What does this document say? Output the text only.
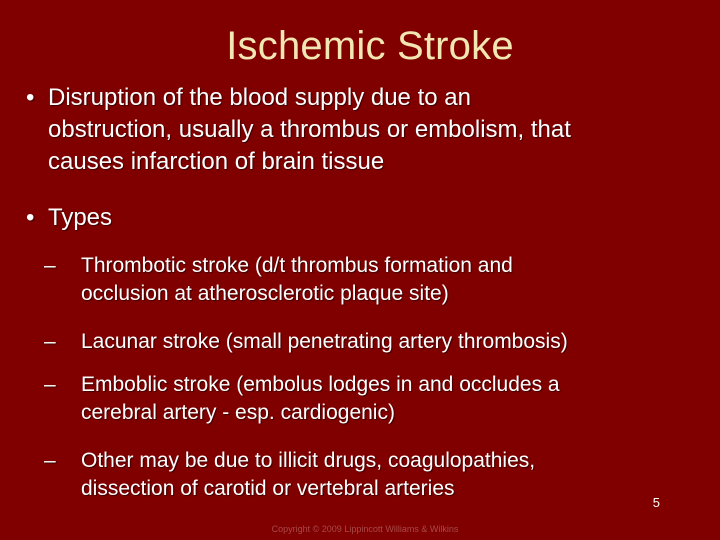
Ischemic Stroke
• Disruption of the blood supply due to an
obstruction, usually a thrombus or embolism, that
causes infarction of brain tissue
• Types
–	Thrombotic stroke (d/t thrombus formation and
occlusion at atherosclerotic plaque site)
–	Lacunar stroke (small penetrating artery thrombosis)
–	Emboblic stroke (embolus lodges in and occludes a
cerebral artery - esp. cardiogenic)
–	Other may be due to illicit drugs, coagulopathies,
dissection of carotid or vertebral arteries
5
Copyright © 2009 Lippincott Williams & Wilkins
